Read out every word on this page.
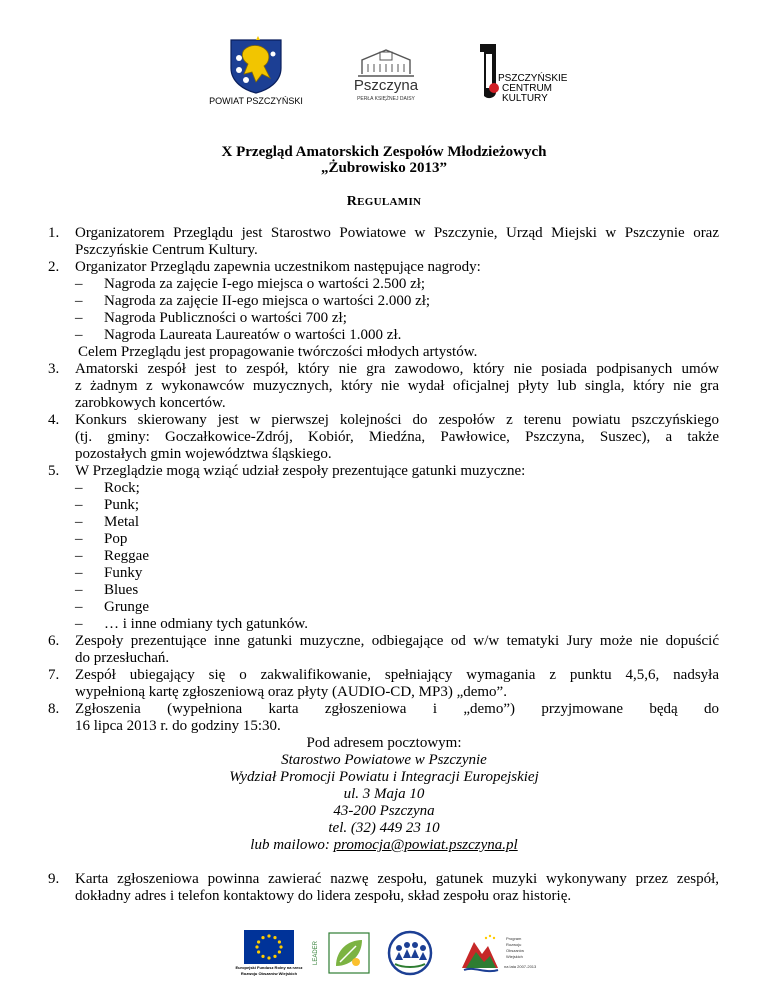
POWIAT PSZCZYŃSKI
Pszczyna
PERŁA KSIĘŻNEJ DAISY
PSZCZYŃSKIE
CENTRUM
KULTURY
X Przegląd Amatorskich Zespołów Młodzieżowych
„Żubrowisko 2013”
REGULAMIN
1. Organizatorem Przeglądu jest Starostwo Powiatowe w Pszczynie, Urząd Miejski w Pszczynie oraz
Pszczyńskie Centrum Kultury.
2. Organizator Przeglądu zapewnia uczestnikom następujące nagrody:
– Nagroda za zajęcie I-ego miejsca o wartości 2.500 zł;
– Nagroda za zajęcie II-ego miejsca o wartości 2.000 zł;
– Nagroda Publiczności o wartości 700 zł;
– Nagroda Laureata Laureatów o wartości 1.000 zł.
Celem Przeglądu jest propagowanie twórczości młodych artystów.
3. Amatorski zespół jest to zespół, który nie gra zawodowo, który nie posiada podpisanych umów
z żadnym z wykonawców muzycznych, który nie wydał oficjalnej płyty lub singla, który nie gra
zarobkowych koncertów.
4. Konkurs skierowany jest w pierwszej kolejności do zespołów z terenu powiatu pszczyńskiego
(tj. gminy: Goczałkowice-Zdrój, Kobiór, Miedźna, Pawłowice, Pszczyna, Suszec), a także
pozostałych gmin województwa śląskiego.
5. W Przeglądzie mogą wziąć udział zespoły prezentujące gatunki muzyczne:
– Rock;
– Punk;
– Metal
– Pop
– Reggae
– Funky
– Blues
– Grunge
– … i inne odmiany tych gatunków.
6. Zespoły prezentujące inne gatunki muzyczne, odbiegające od w/w tematyki Jury może nie dopuścić
do przesłuchań.
7. Zespół ubiegający się o zakwalifikowanie, spełniający wymagania z punktu 4,5,6, nadsyła
wypełnioną kartę zgłoszeniową oraz płyty (AUDIO-CD, MP3) „demo”.
8. Zgłoszenia (wypełniona karta zgłoszeniowa i „demo”) przyjmowane będą do
16 lipca 2013 r. do godziny 15:30.
Pod adresem pocztowym:
Starostwo Powiatowe w Pszczynie
Wydział Promocji Powiatu i Integracji Europejskiej
ul. 3 Maja 10
43-200 Pszczyna
tel. (32) 449 23 10
lub mailowo: promocja@powiat.pszczyna.pl
9. Karta zgłoszeniowa powinna zawierać nazwę zespołu, gatunek muzyki wykonywany przez zespół,
dokładny adres i telefon kontaktowy do lidera zespołu, skład zespołu oraz historię.
Europejski Fundusz Rolny na rzecz
Rozwoju Obszarów Wiejskich
LEADER
Program
Rozwoju
Obszarów
Wiejskich
na lata 2007-2013
